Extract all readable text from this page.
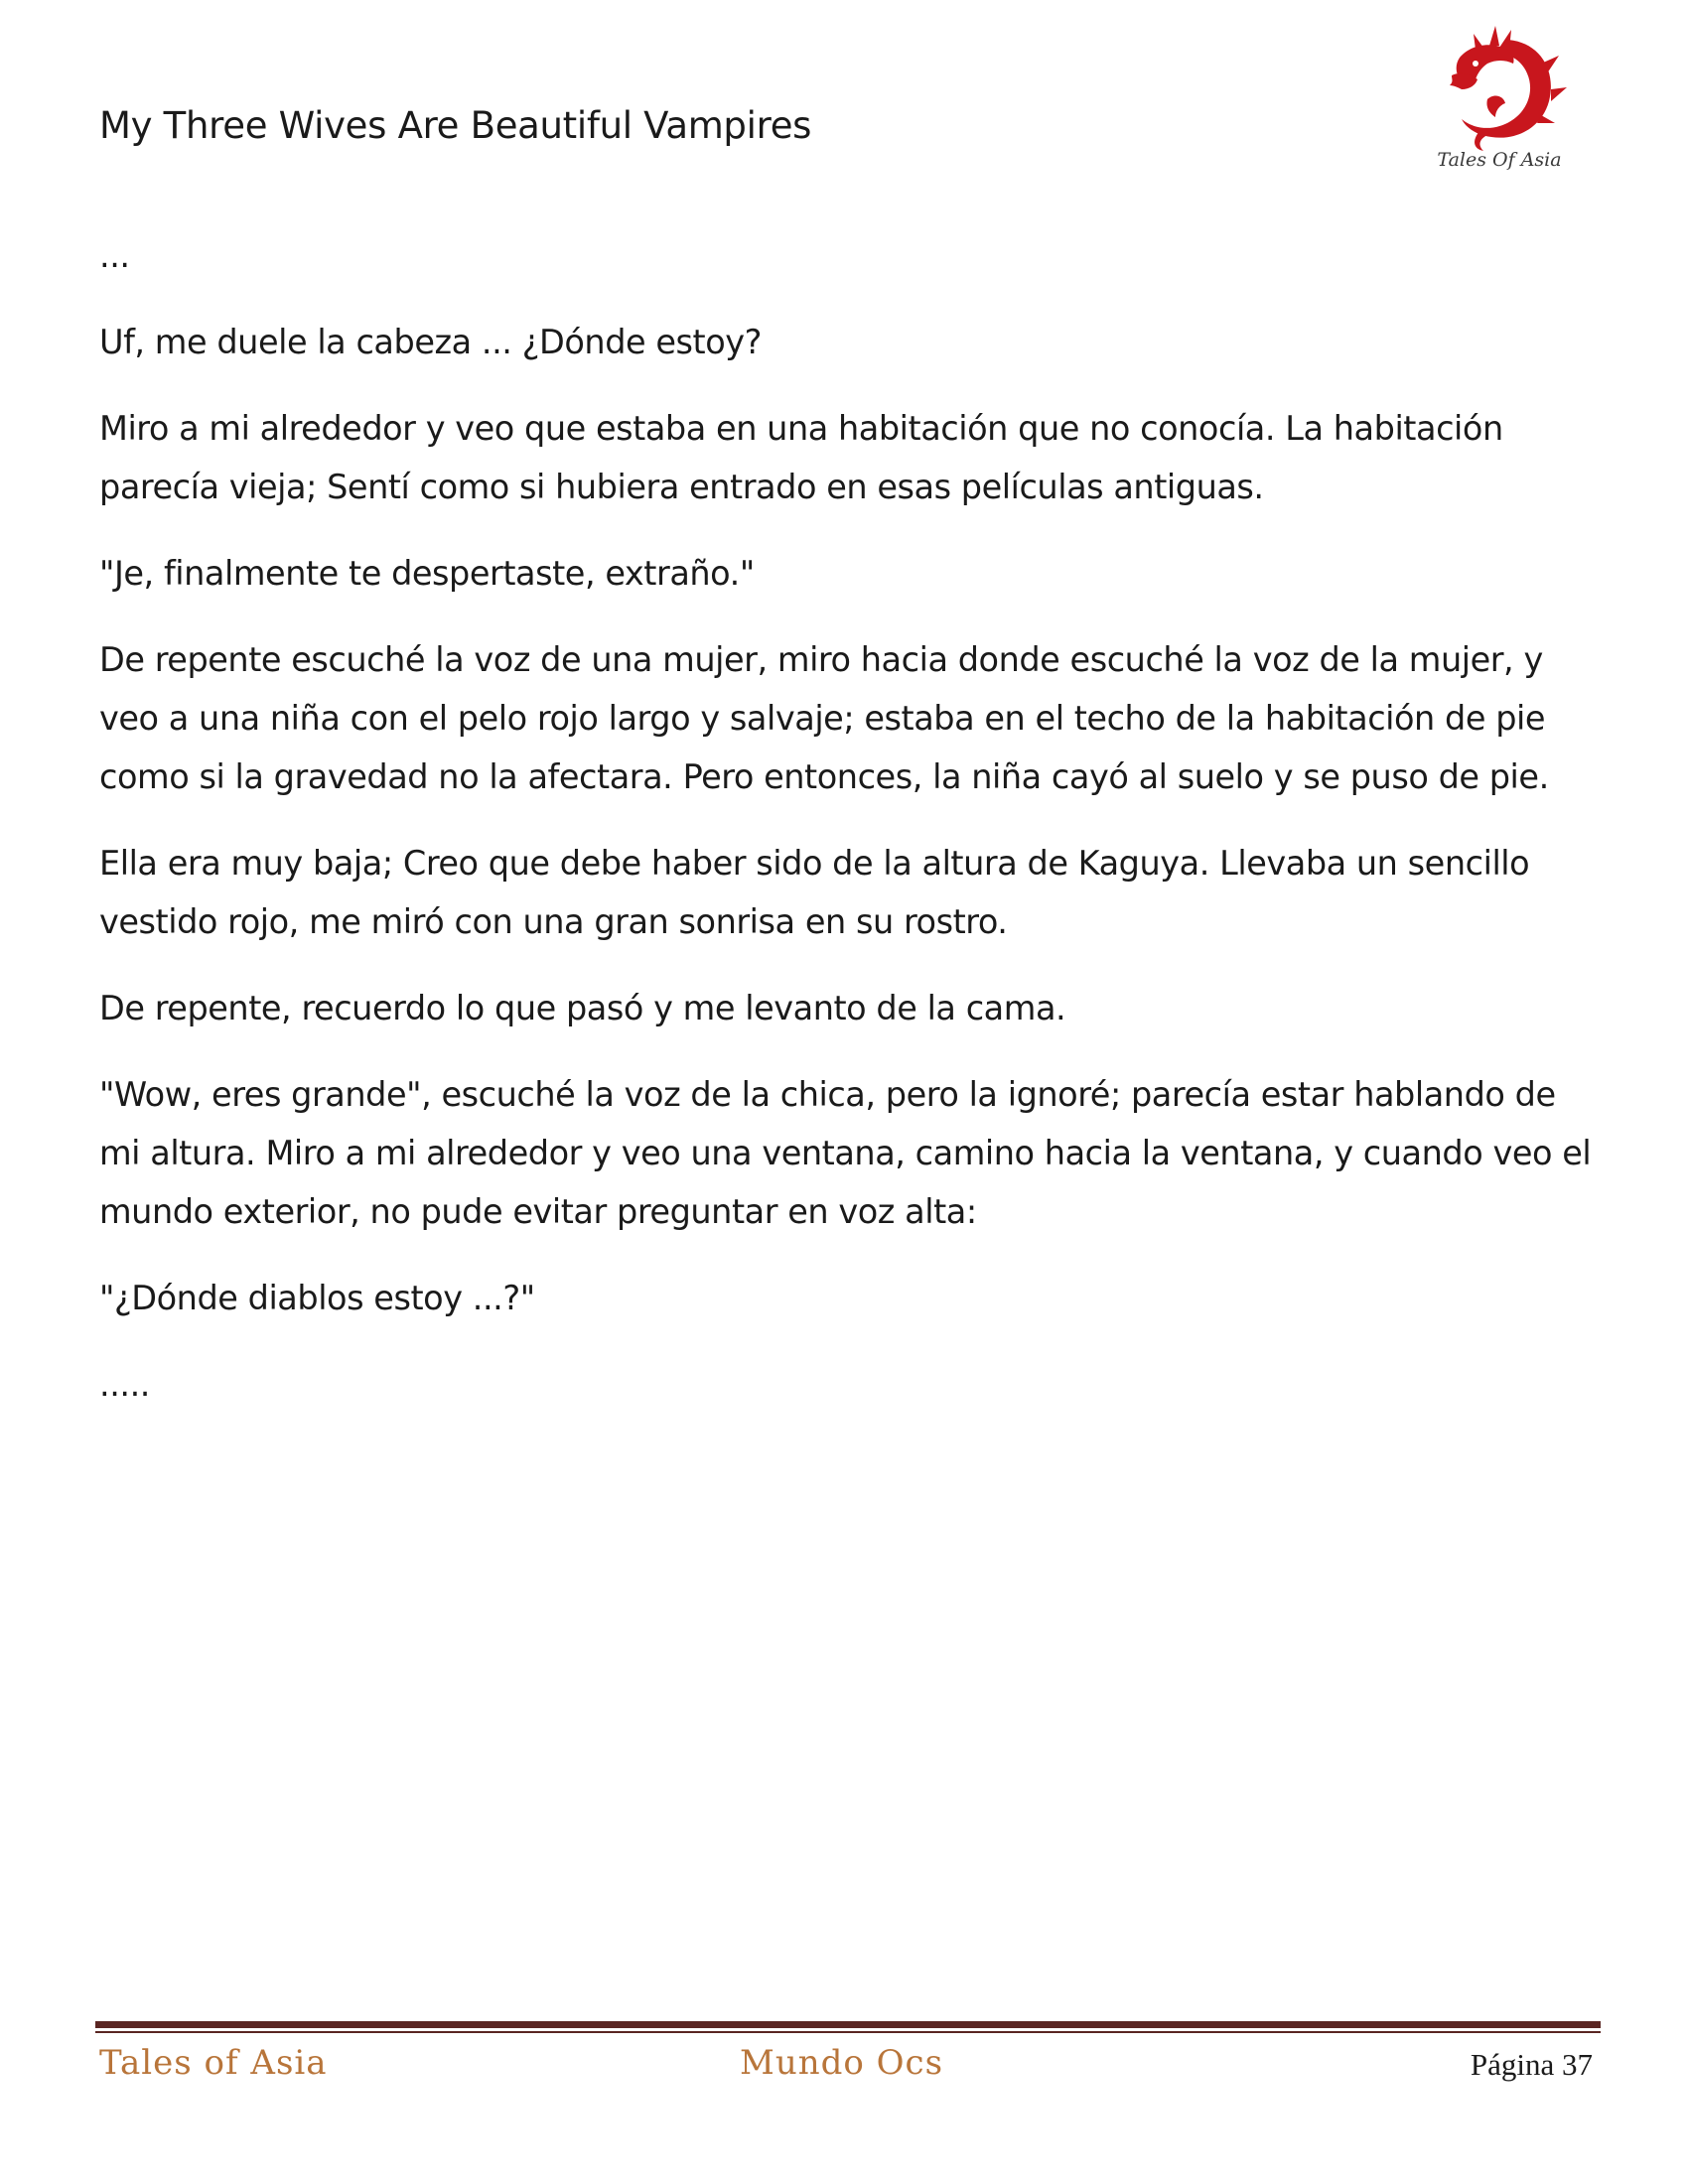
My Three Wives Are Beautiful Vampires
Tales Of Asia

...

Uf, me duele la cabeza ... ¿Dónde estoy?

Miro a mi alrededor y veo que estaba en una habitación que no conocía. La habitación parecía vieja; Sentí como si hubiera entrado en esas películas antiguas.

"Je, finalmente te despertaste, extraño."

De repente escuché la voz de una mujer, miro hacia donde escuché la voz de la mujer, y veo a una niña con el pelo rojo largo y salvaje; estaba en el techo de la habitación de pie como si la gravedad no la afectara. Pero entonces, la niña cayó al suelo y se puso de pie.

Ella era muy baja; Creo que debe haber sido de la altura de Kaguya. Llevaba un sencillo vestido rojo, me miró con una gran sonrisa en su rostro.

De repente, recuerdo lo que pasó y me levanto de la cama.

"Wow, eres grande", escuché la voz de la chica, pero la ignoré; parecía estar hablando de mi altura. Miro a mi alrededor y veo una ventana, camino hacia la ventana, y cuando veo el mundo exterior, no pude evitar preguntar en voz alta:

"¿Dónde diablos estoy ...?"

.....

Tales of Asia	Mundo Ocs	Página 37
